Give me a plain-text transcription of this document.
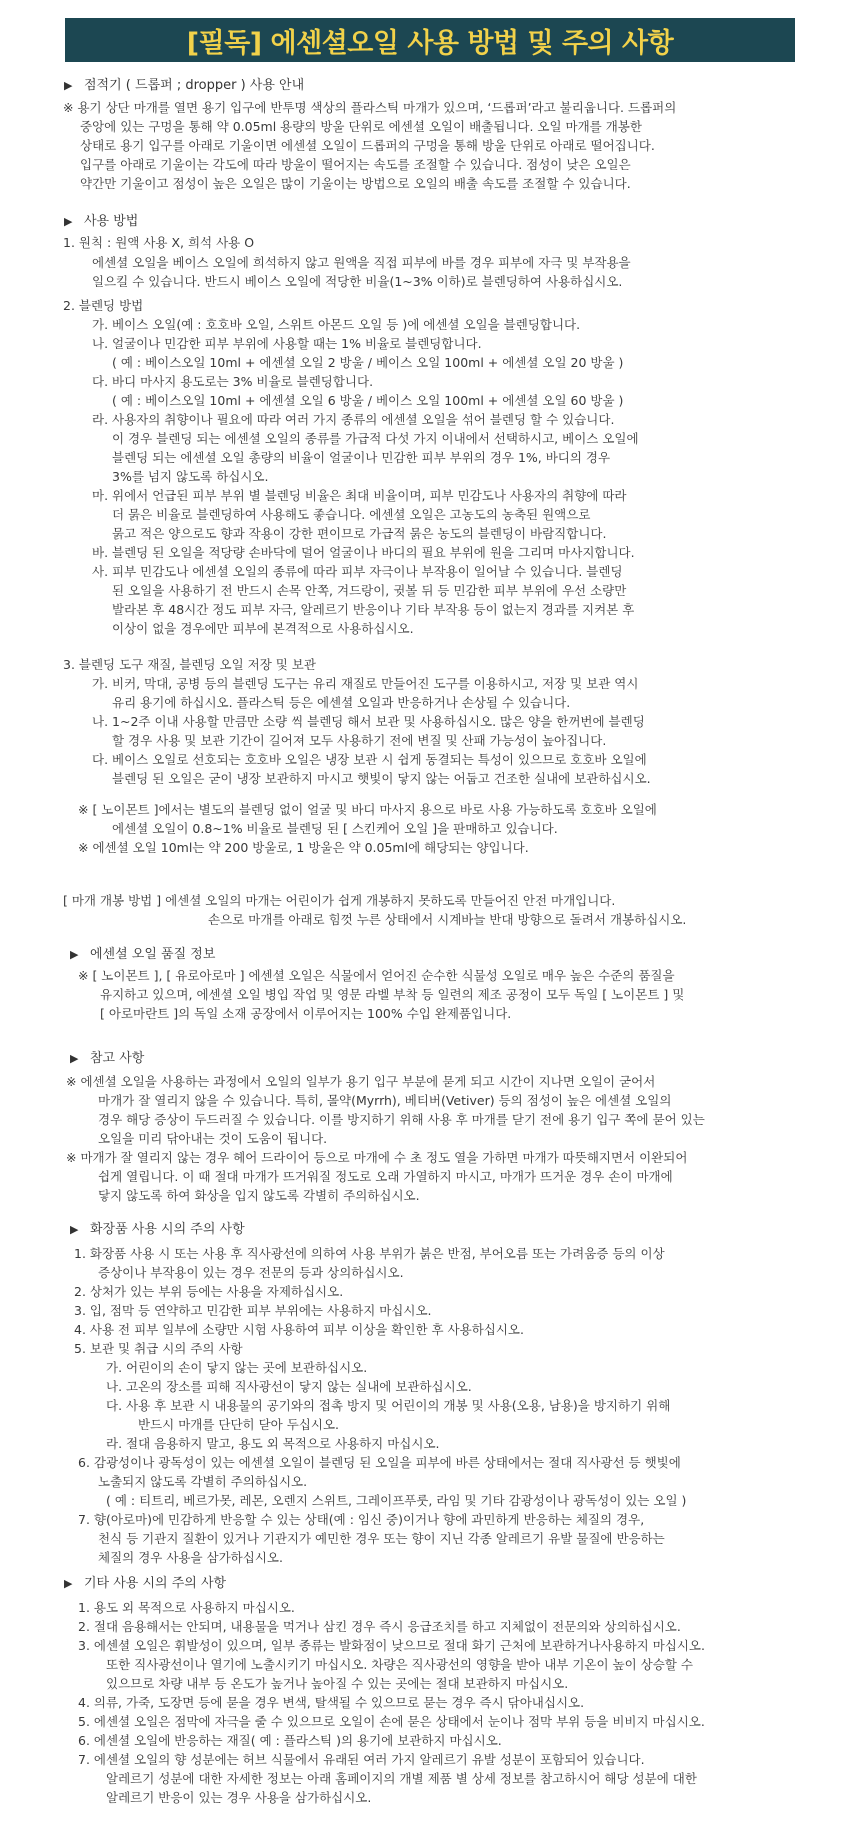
[필독] 에센셜오일 사용 방법 및 주의 사항
▶ 점적기 ( 드롭퍼 ; dropper ) 사용 안내
※ 용기 상단 마개를 열면 용기 입구에 반투명 색상의 플라스틱 마개가 있으며, ‘드롭퍼’라고 불리웁니다. 드롭퍼의
중앙에 있는 구멍을 통해 약 0.05ml 용량의 방울 단위로 에센셜 오일이 배출됩니다. 오일 마개를 개봉한
상태로 용기 입구를 아래로 기울이면 에센셜 오일이 드롭퍼의 구멍을 통해 방울 단위로 아래로 떨어집니다.
입구를 아래로 기울이는 각도에 따라 방울이 떨어지는 속도를 조절할 수 있습니다. 점성이 낮은 오일은
약간만 기울이고 점성이 높은 오일은 많이 기울이는 방법으로 오일의 배출 속도를 조절할 수 있습니다.
▶ 사용 방법
1. 원칙 : 원액 사용 X, 희석 사용 O
에센셜 오일을 베이스 오일에 희석하지 않고 원액을 직접 피부에 바를 경우 피부에 자극 및 부작용을
일으킬 수 있습니다. 반드시 베이스 오일에 적당한 비율(1~3% 이하)로 블렌딩하여 사용하십시오.
2. 블렌딩 방법
가. 베이스 오일(예 : 호호바 오일, 스위트 아몬드 오일 등 )에 에센셜 오일을 블렌딩합니다.
나. 얼굴이나 민감한 피부 부위에 사용할 때는 1% 비율로 블렌딩합니다.
( 예 : 베이스오일 10ml + 에센셜 오일 2 방울 / 베이스 오일 100ml + 에센셜 오일 20 방울 )
다. 바디 마사지 용도로는 3% 비율로 블렌딩합니다.
( 예 : 베이스오일 10ml + 에센셜 오일 6 방울 / 베이스 오일 100ml + 에센셜 오일 60 방울 )
라. 사용자의 취향이나 필요에 따라 여러 가지 종류의 에센셜 오일을 섞어 블렌딩 할 수 있습니다.
이 경우 블렌딩 되는 에센셜 오일의 종류를 가급적 다섯 가지 이내에서 선택하시고, 베이스 오일에
블렌딩 되는 에센셜 오일 총량의 비율이 얼굴이나 민감한 피부 부위의 경우 1%, 바디의 경우
3%를 넘지 않도록 하십시오.
마. 위에서 언급된 피부 부위 별 블렌딩 비율은 최대 비율이며, 피부 민감도나 사용자의 취향에 따라
더 묽은 비율로 블렌딩하여 사용해도 좋습니다. 에센셜 오일은 고농도의 농축된 원액으로
묽고 적은 양으로도 향과 작용이 강한 편이므로 가급적 묽은 농도의 블렌딩이 바람직합니다.
바. 블렌딩 된 오일을 적당량 손바닥에 덜어 얼굴이나 바디의 필요 부위에 원을 그리며 마사지합니다.
사. 피부 민감도나 에센셜 오일의 종류에 따라 피부 자극이나 부작용이 일어날 수 있습니다. 블렌딩
된 오일을 사용하기 전 반드시 손목 안쪽, 겨드랑이, 귓볼 뒤 등 민감한 피부 부위에 우선 소량만
발라본 후 48시간 정도 피부 자극, 알레르기 반응이나 기타 부작용 등이 없는지 경과를 지켜본 후
이상이 없을 경우에만 피부에 본격적으로 사용하십시오.
3. 블렌딩 도구 재질, 블렌딩 오일 저장 및 보관
가. 비커, 막대, 공병 등의 블렌딩 도구는 유리 재질로 만들어진 도구를 이용하시고, 저장 및 보관 역시
유리 용기에 하십시오. 플라스틱 등은 에센셜 오일과 반응하거나 손상될 수 있습니다.
나. 1~2주 이내 사용할 만큼만 소량 씩 블렌딩 해서 보관 및 사용하십시오. 많은 양을 한꺼번에 블렌딩
할 경우 사용 및 보관 기간이 길어져 모두 사용하기 전에 변질 및 산패 가능성이 높아집니다.
다. 베이스 오일로 선호되는 호호바 오일은 냉장 보관 시 쉽게 동결되는 특성이 있으므로 호호바 오일에
블렌딩 된 오일은 굳이 냉장 보관하지 마시고 햇빛이 닿지 않는 어둡고 건조한 실내에 보관하십시오.
※ [ 노이몬트 ]에서는 별도의 블렌딩 없이 얼굴 및 바디 마사지 용으로 바로 사용 가능하도록 호호바 오일에
에센셜 오일이 0.8~1% 비율로 블렌딩 된 [ 스킨케어 오일 ]을 판매하고 있습니다.
※ 에센셜 오일 10ml는 약 200 방울로, 1 방울은 약 0.05ml에 해당되는 양입니다.
[ 마개 개봉 방법 ] 에센셜 오일의 마개는 어린이가 쉽게 개봉하지 못하도록 만들어진 안전 마개입니다.
손으로 마개를 아래로 힘껏 누른 상태에서 시계바늘 반대 방향으로 돌려서 개봉하십시오.
▶ 에센셜 오일 품질 정보
※ [ 노이몬트 ], [ 유로아로마 ] 에센셜 오일은 식물에서 얻어진 순수한 식물성 오일로 매우 높은 수준의 품질을
유지하고 있으며, 에센셜 오일 병입 작업 및 영문 라벨 부착 등 일련의 제조 공정이 모두 독일 [ 노이몬트 ] 및
[ 아로마란트 ]의 독일 소재 공장에서 이루어지는 100% 수입 완제품입니다.
▶ 참고 사항
※ 에센셜 오일을 사용하는 과정에서 오일의 일부가 용기 입구 부분에 묻게 되고 시간이 지나면 오일이 굳어서
마개가 잘 열리지 않을 수 있습니다. 특히, 몰약(Myrrh), 베티버(Vetiver) 등의 점성이 높은 에센셜 오일의
경우 해당 증상이 두드러질 수 있습니다. 이를 방지하기 위해 사용 후 마개를 닫기 전에 용기 입구 쪽에 묻어 있는
오일을 미리 닦아내는 것이 도움이 됩니다.
※ 마개가 잘 열리지 않는 경우 헤어 드라이어 등으로 마개에 수 초 정도 열을 가하면 마개가 따뜻해지면서 이완되어
쉽게 열립니다. 이 때 절대 마개가 뜨거워질 정도로 오래 가열하지 마시고, 마개가 뜨거운 경우 손이 마개에
닿지 않도록 하여 화상을 입지 않도록 각별히 주의하십시오.
▶ 화장품 사용 시의 주의 사항
1. 화장품 사용 시 또는 사용 후 직사광선에 의하여 사용 부위가 붉은 반점, 부어오름 또는 가려움증 등의 이상
증상이나 부작용이 있는 경우 전문의 등과 상의하십시오.
2. 상처가 있는 부위 등에는 사용을 자제하십시오.
3. 입, 점막 등 연약하고 민감한 피부 부위에는 사용하지 마십시오.
4. 사용 전 피부 일부에 소량만 시험 사용하여 피부 이상을 확인한 후 사용하십시오.
5. 보관 및 취급 시의 주의 사항
가. 어린이의 손이 닿지 않는 곳에 보관하십시오.
나. 고온의 장소를 피해 직사광선이 닿지 않는 실내에 보관하십시오.
다. 사용 후 보관 시 내용물의 공기와의 접촉 방지 및 어린이의 개봉 및 사용(오용, 남용)을 방지하기 위해
반드시 마개를 단단히 닫아 두십시오.
라. 절대 음용하지 말고, 용도 외 목적으로 사용하지 마십시오.
6. 감광성이나 광독성이 있는 에센셜 오일이 블렌딩 된 오일을 피부에 바른 상태에서는 절대 직사광선 등 햇빛에
노출되지 않도록 각별히 주의하십시오.
( 예 : 티트리, 베르가못, 레몬, 오렌지 스위트, 그레이프푸룻, 라임 및 기타 감광성이나 광독성이 있는 오일 )
7. 향(아로마)에 민감하게 반응할 수 있는 상태(예 : 임신 중)이거나 향에 과민하게 반응하는 체질의 경우,
천식 등 기관지 질환이 있거나 기관지가 예민한 경우 또는 향이 지닌 각종 알레르기 유발 물질에 반응하는
체질의 경우 사용을 삼가하십시오.
▶ 기타 사용 시의 주의 사항
1. 용도 외 목적으로 사용하지 마십시오.
2. 절대 음용해서는 안되며, 내용물을 먹거나 삼킨 경우 즉시 응급조치를 하고 지체없이 전문의와 상의하십시오.
3. 에센셜 오일은 휘발성이 있으며, 일부 종류는 발화점이 낮으므로 절대 화기 근처에 보관하거나사용하지 마십시오.
또한 직사광선이나 열기에 노출시키기 마십시오. 차량은 직사광선의 영향을 받아 내부 기온이 높이 상승할 수
있으므로 차량 내부 등 온도가 높거나 높아질 수 있는 곳에는 절대 보관하지 마십시오.
4. 의류, 가죽, 도장면 등에 묻을 경우 변색, 탈색될 수 있으므로 묻는 경우 즉시 닦아내십시오.
5. 에센셜 오일은 점막에 자극을 줄 수 있으므로 오일이 손에 묻은 상태에서 눈이나 점막 부위 등을 비비지 마십시오.
6. 에센셜 오일에 반응하는 재질( 예 : 플라스틱 )의 용기에 보관하지 마십시오.
7. 에센셜 오일의 향 성분에는 허브 식물에서 유래된 여러 가지 알레르기 유발 성분이 포함되어 있습니다.
알레르기 성분에 대한 자세한 정보는 아래 홈페이지의 개별 제품 별 상세 정보를 참고하시어 해당 성분에 대한
알레르기 반응이 있는 경우 사용을 삼가하십시오.
